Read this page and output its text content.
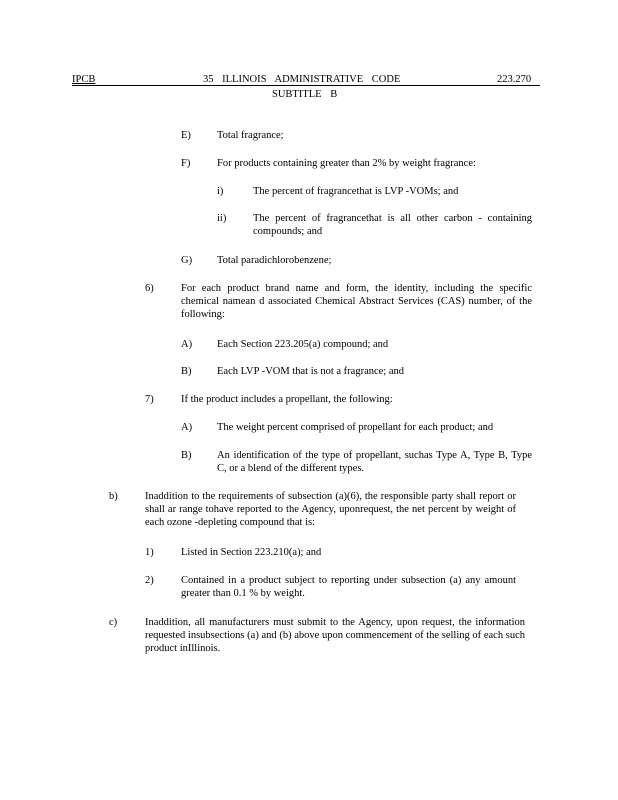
IPCB	35 ILLINOIS ADMINISTRATIVE CODE	223.270
SUBTITLE B
E) Total fragrance;
F)	For products containing greater than 2% by weight fragrance:
i)	The percent of fragrancethat is LVP -VOMs; and
ii)	The percent of fragrancethat is all other carbon - containing compounds; and
G) Total paradichlorobenzene;
6)	For each product brand name and form, the identity, including the specific chemical namean d associated Chemical Abstract Services (CAS) number, of the following:
A) Each Section 223.205(a) compound; and
B) Each LVP -VOM that is not a fragrance; and
7)	If the product includes a propellant, the following:
A) The weight percent comprised of propellant for each product; and
B) An identification of the type of propellant, suchas Type A, Type B, Type C, or a blend of the different types.
b)	Inaddition to the requirements of subsection (a)(6), the responsible party shall report or shall ar range tohave reported to the Agency, uponrequest, the net percent by weight of each ozone -depleting compound that is:
1)	Listed in Section 223.210(a); and
2)	Contained in a product subject to reporting under subsection (a) any amount greater than 0.1 % by weight.
c)	Inaddition, all manufacturers must submit to the Agency, upon request, the information requested insubsections (a) and (b) above upon commencement of the selling of each such product inIllinois.
